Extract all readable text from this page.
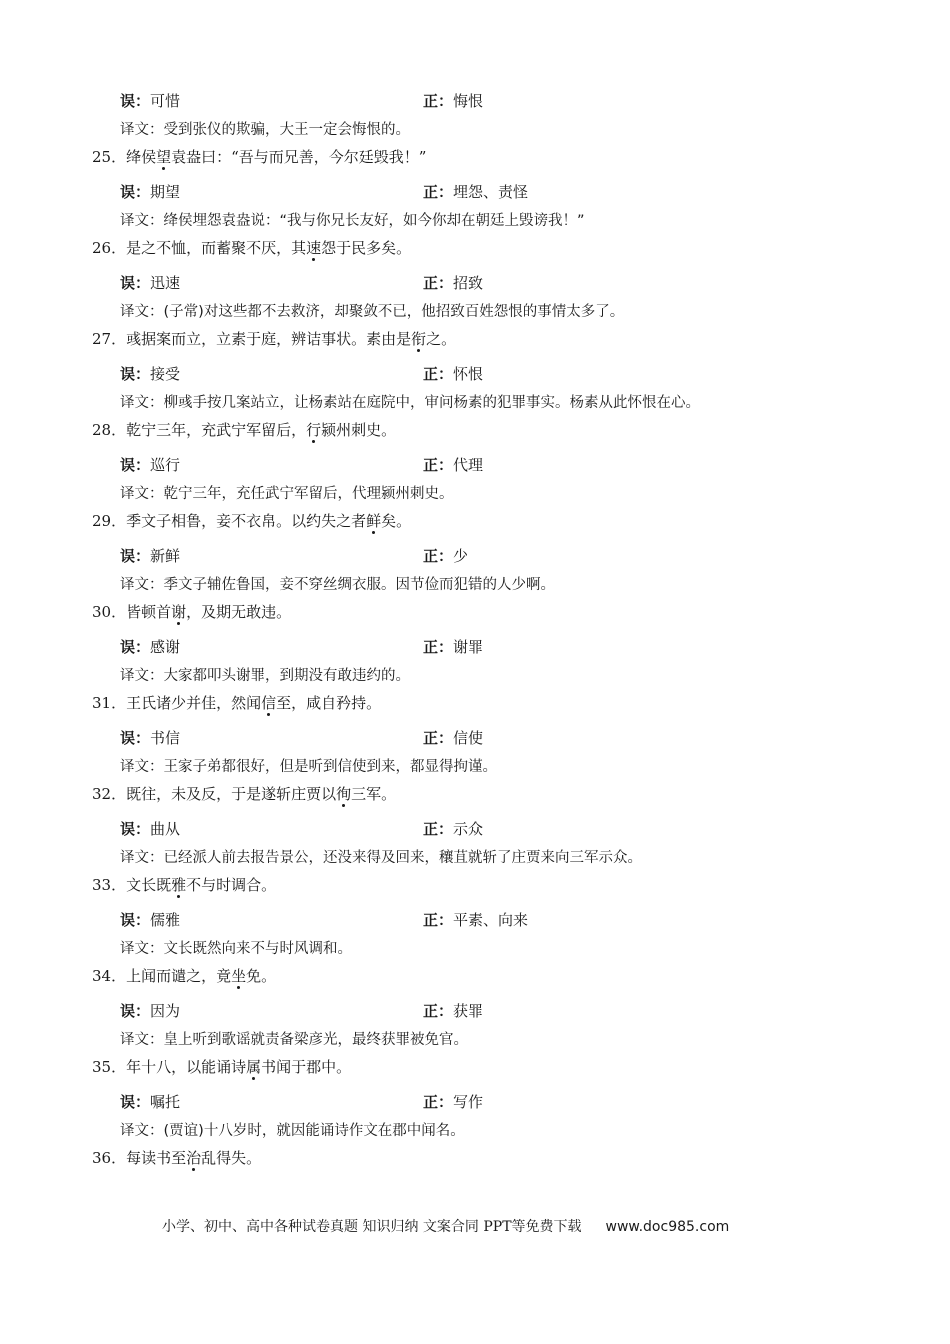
误：可惜	正：悔恨
译文：受到张仪的欺骗，大王一定会悔恨的。
25．绛侯望袁盎曰：“吾与而兄善，今尔廷毁我！”
误：期望	正：埋怨、责怪
译文：绛侯埋怨袁盎说：“我与你兄长友好，如今你却在朝廷上毁谤我！”
26．是之不恤，而蓄聚不厌，其速怨于民多矣。
误：迅速	正：招致
译文：(子常)对这些都不去救济，却聚敛不已，他招致百姓怨恨的事情太多了。
27．彧据案而立，立素于庭，辨诘事状。素由是衔之。
误：接受	正：怀恨
译文：柳彧手按几案站立，让杨素站在庭院中，审问杨素的犯罪事实。杨素从此怀恨在心。
28．乾宁三年，充武宁军留后，行颍州刺史。
误：巡行	正：代理
译文：乾宁三年，充任武宁军留后，代理颍州刺史。
29．季文子相鲁，妾不衣帛。以约失之者鲜矣。
误：新鲜	正：少
译文：季文子辅佐鲁国，妾不穿丝绸衣服。因节俭而犯错的人少啊。
30．皆顿首谢，及期无敢违。
误：感谢	正：谢罪
译文：大家都叩头谢罪，到期没有敢违约的。
31．王氏诸少并佳，然闻信至，咸自矜持。
误：书信	正：信使
译文：王家子弟都很好，但是听到信使到来，都显得拘谨。
32．既往，未及反，于是遂斩庄贾以徇三军。
误：曲从	正：示众
译文：已经派人前去报告景公，还没来得及回来，穰苴就斩了庄贾来向三军示众。
33．文长既雅不与时调合。
误：儒雅	正：平素、向来
译文：文长既然向来不与时风调和。
34．上闻而谴之，竟坐免。
误：因为	正：获罪
译文：皇上听到歌谣就责备梁彦光，最终获罪被免官。
35．年十八，以能诵诗属书闻于郡中。
误：嘱托	正：写作
译文：(贾谊)十八岁时，就因能诵诗作文在郡中闻名。
36．每读书至治乱得失。
小学、初中、高中各种试卷真题 知识归纳 文案合同 PPT等免费下载 www.doc985.com
